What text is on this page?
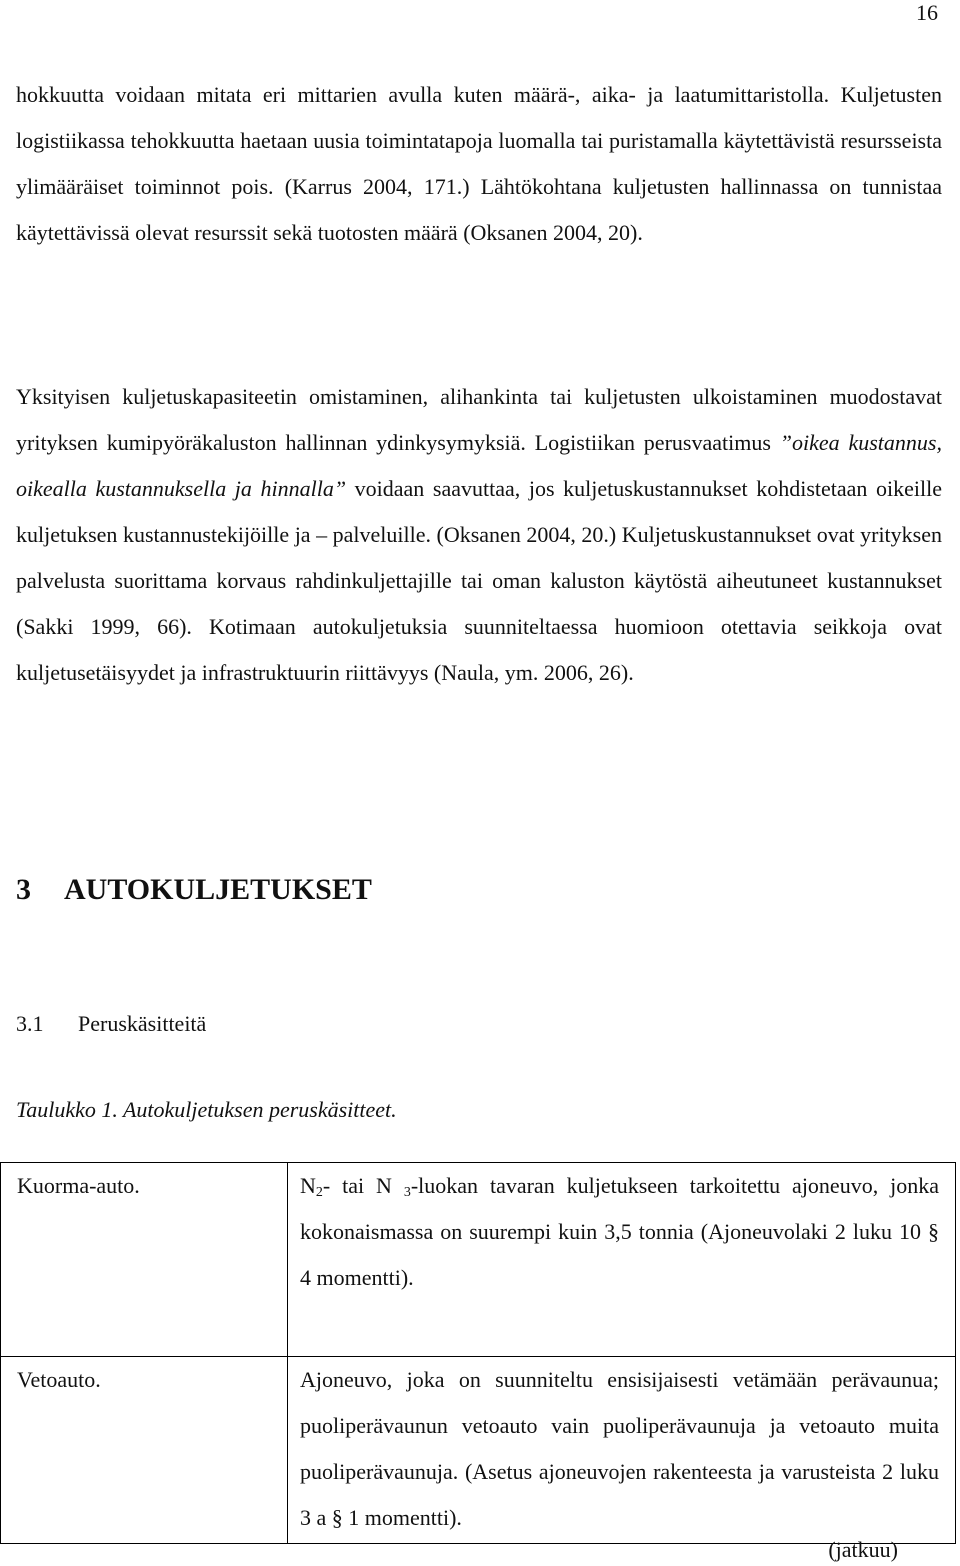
16

hokkuutta voidaan mitata eri mittarien avulla kuten määrä-, aika- ja laatumittaristolla. Kuljetusten logistiikassa tehokkuutta haetaan uusia toimintatapoja luomalla tai puristamalla käytettävistä resursseista ylimääräiset toiminnot pois. (Karrus 2004, 171.) Lähtökohtana kuljetusten hallinnassa on tunnistaa käytettävissä olevat resurssit sekä tuotosten määrä (Oksanen 2004, 20).

Yksityisen kuljetuskapasiteetin omistaminen, alihankinta tai kuljetusten ulkoistaminen muodostavat yrityksen kumipyöräkaluston hallinnan ydinkysymyksiä. Logistiikan perusvaatimus ”oikea kustannus, oikealla kustannuksella ja hinnalla” voidaan saavuttaa, jos kuljetuskustannukset kohdistetaan oikeille kuljetuksen kustannustekijöille ja – palveluille. (Oksanen 2004, 20.) Kuljetuskustannukset ovat yrityksen palvelusta suorittama korvaus rahdinkuljettajille tai oman kaluston käytöstä aiheutuneet kustannukset (Sakki 1999, 66). Kotimaan autokuljetuksia suunniteltaessa huomioon otettavia seikkoja ovat kuljetusetäisyydet ja infrastruktuurin riittävyys (Naula, ym. 2006, 26).

3 AUTOKULJETUKSET
3.1 Peruskäsitteitä

Taulukko 1. Autokuljetuksen peruskäsitteet.

Kuorma-auto.	$N_2-$ tai N $_3$-luokan tavaran kuljetukseen tarkoitettu ajoneuvo, jonka kokonaismassa on suurempi kuin 3,5 tonnia (Ajoneuvolaki 2 luku 10 § 4 momentti).
Vetoauto.	Ajoneuvo, joka on suunniteltu ensisijaisesti vetämään perävaunua; puoliperävaunun vetoauto vain puoliperävaunuja ja vetoauto muita puoliperävaunuja. (Asetus ajoneuvojen rakenteesta ja varusteista 2 luku 3 a § 1 momentti).
(jatkuu)
